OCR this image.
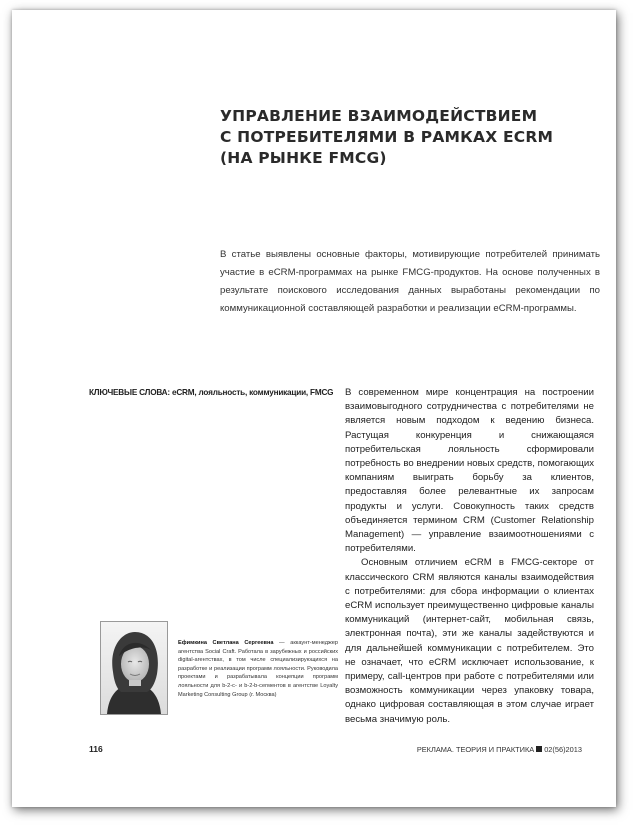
УПРАВЛЕНИЕ ВЗАИМОДЕЙСТВИЕМ
С ПОТРЕБИТЕЛЯМИ В РАМКАХ ECRM
(НА РЫНКЕ FMCG)

В статье выявлены основные факторы, мотивирующие потребителей принимать участие в eCRM-программах на рынке FMCG-продуктов. На основе полученных в результате поискового исследования данных выработаны рекомендации по коммуникационной составляющей разработки и реализации eCRM-программы.

КЛЮЧЕВЫЕ СЛОВА: eCRM, лояльность, коммуникации, FMCG В современном мире концентрация на построении взаимовыгодного сотрудничества с потребителями не является новым подходом к ведению бизнеса. Растущая конкуренция и снижающаяся потребительская лояльность сформировали потребность во внедрении новых средств, помогающих компаниям выиграть борьбу за клиентов, предоставляя более релевантные их запросам продукты и услуги. Совокупность таких средств объединяется термином CRM (Customer Relationship Management) — управление взаимоотношениями с потребителями.

Основным отличием eCRM в FMCG-секторе от классического CRM являются каналы взаимодействия с потребителями: для сбора информации о клиентах eCRM использует преимущественно цифровые каналы коммуникаций (интернет-сайт, мобильная связь, электронная почта), эти же каналы задействуются и для дальнейшей коммуникации с потребителем. Это не означает, что eCRM исключает использование, к примеру, call-центров при работе с потребителями или возможность коммуникации через упаковку товара, однако цифровая составляющая в этом случае играет весьма значимую роль.

Ефимкина Светлана Сергеевна — аккаунт-менеджер агентства Social Craft. Работала в зарубежных и российских digital-агентствах, в том числе специализирующихся на разработке и реализации программ лояльности. Руководила проектами и разрабатывала концепции программ лояльности для b-2-c- и b-2-b-сегментов в агентстве Loyalty Marketing Consulting Group (г. Москва)

116	РЕКЛАМА. ТЕОРИЯ И ПРАКТИКА 02(56)2013
